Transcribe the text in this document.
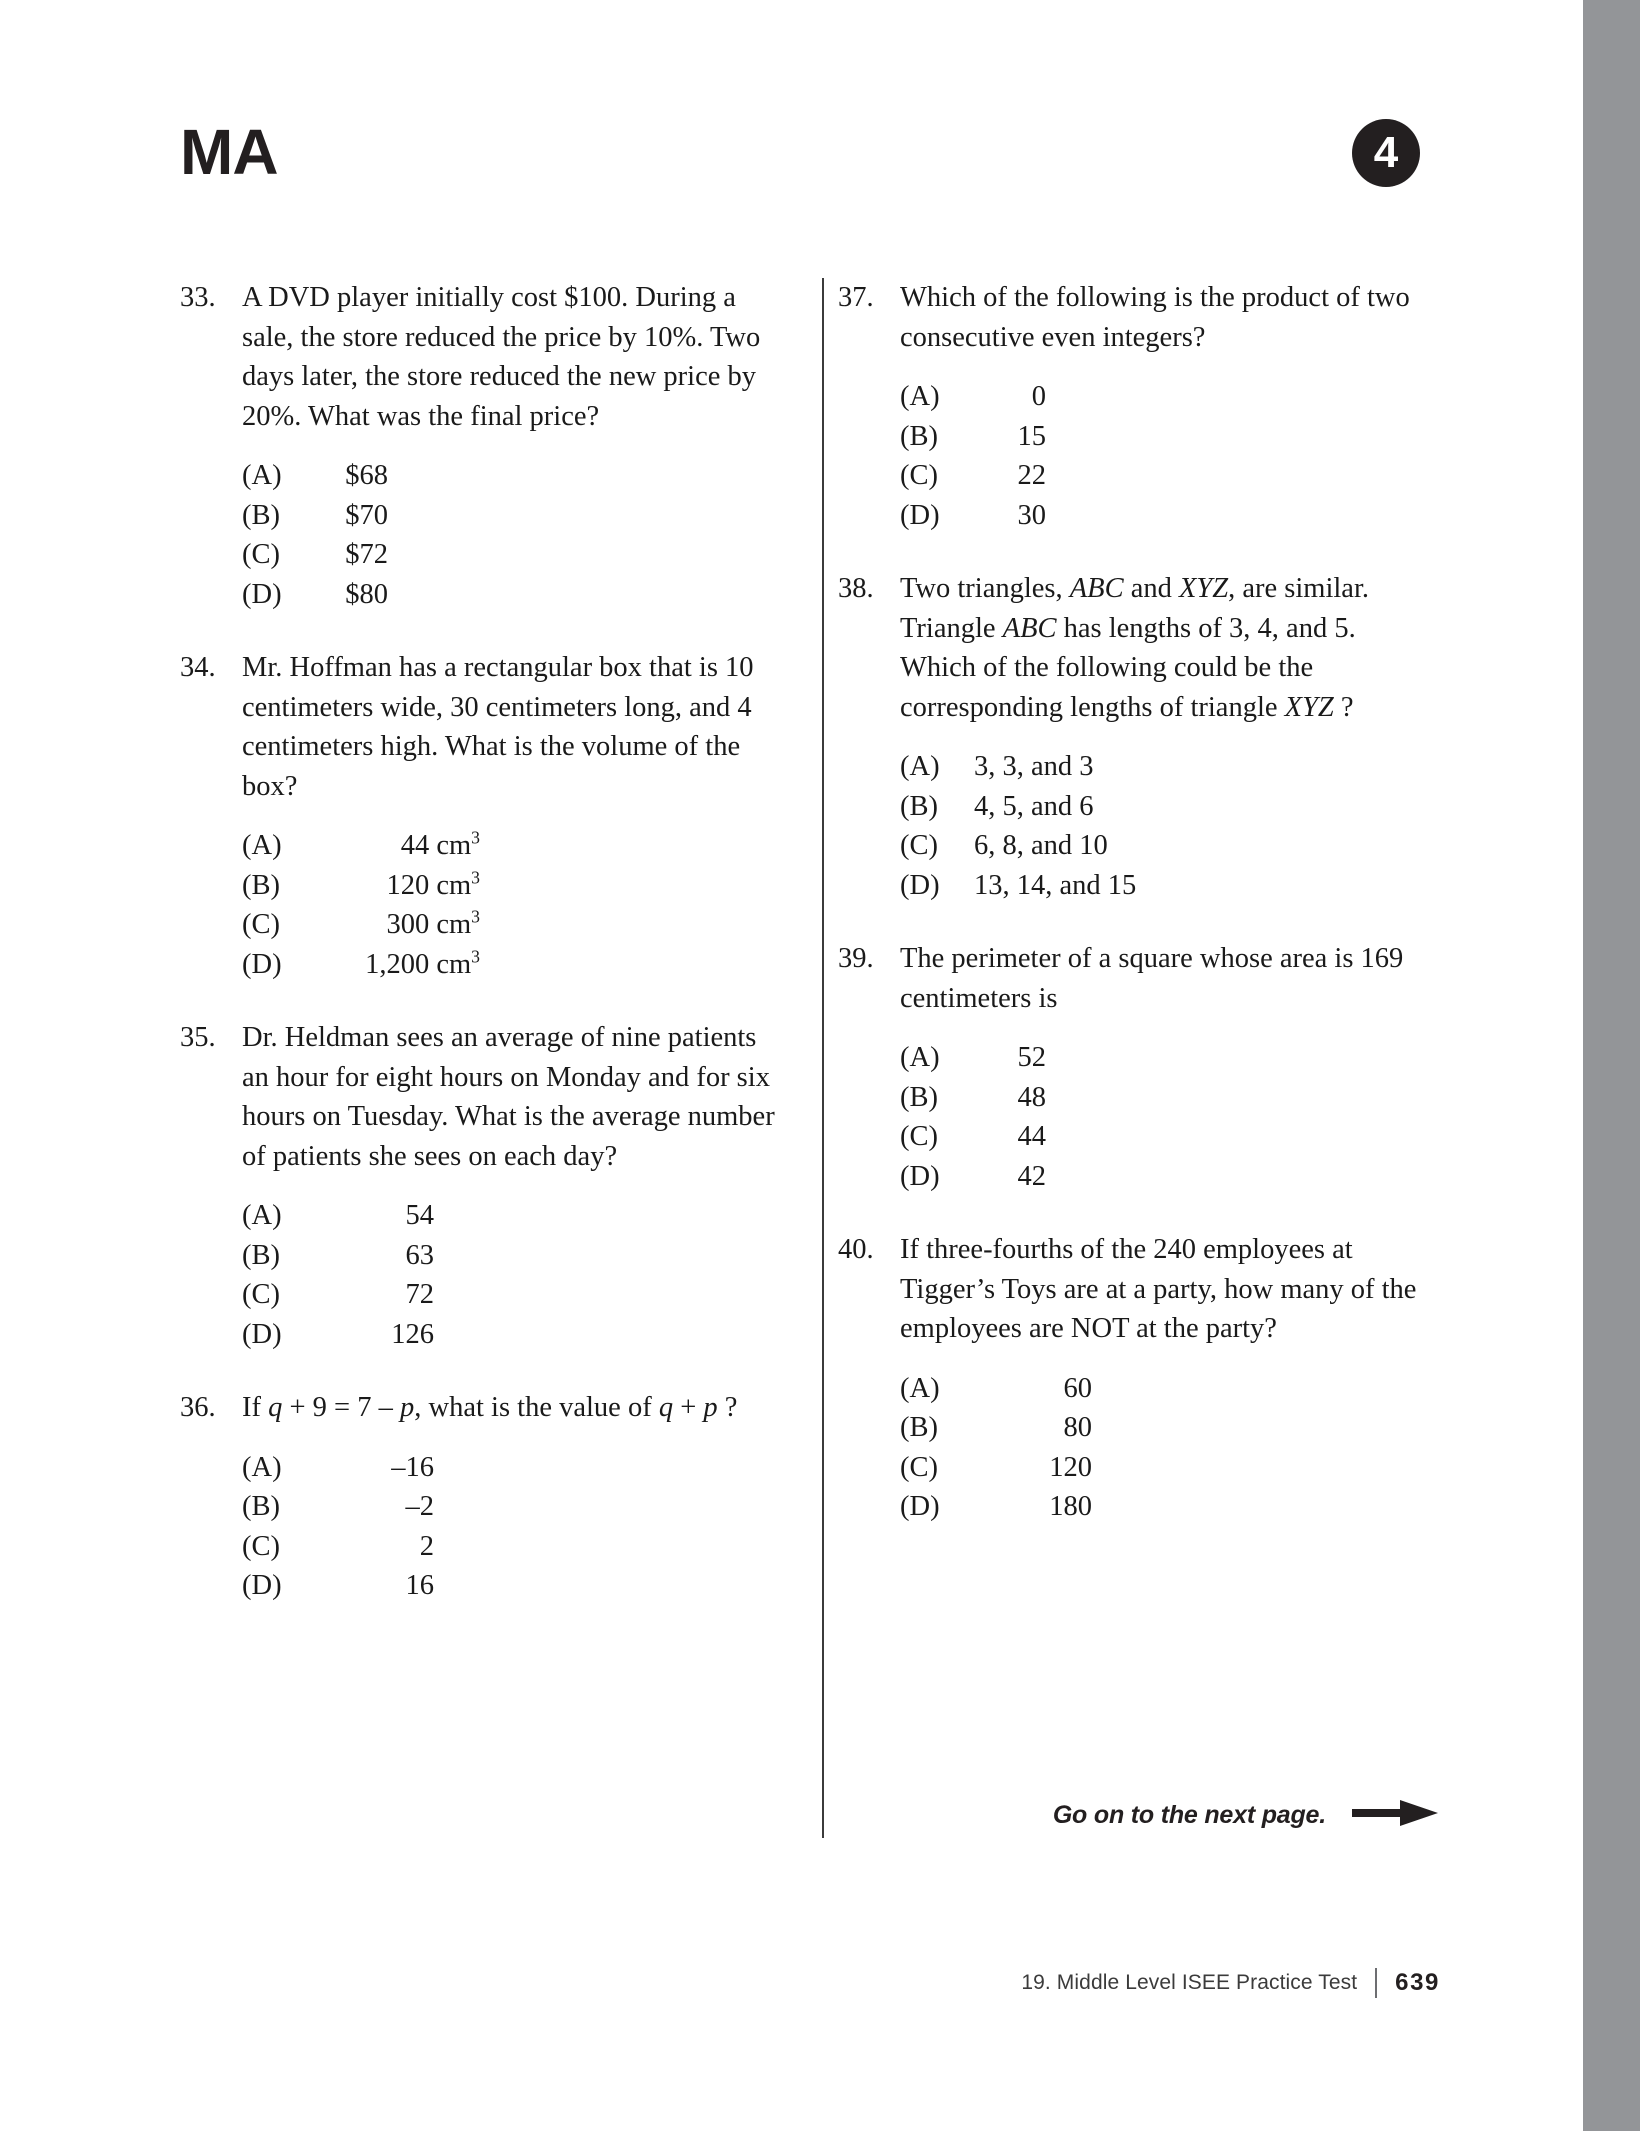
MA	4
33. A DVD player initially cost $100. During a sale, the store reduced the price by 10%. Two days later, the store reduced the new price by 20%. What was the final price?
(A)	$68
(B)	$70
(C)	$72
(D)	$80
34. Mr. Hoffman has a rectangular box that is 10 centimeters wide, 30 centimeters long, and 4 centimeters high. What is the volume of the box?
(A)	44 $cm^3$
(B)	120 $cm^3$
(C)	300 $cm^3$
(D)	1,200 $cm^3$
35. Dr. Heldman sees an average of nine patients an hour for eight hours on Monday and for six hours on Tuesday. What is the average number of patients she sees on each day?
(A)	54
(B)	63
(C)	72
(D)	126
36. If q + 9 = 7 – p, what is the value of q + p ?
(A)	–16
(B)	–2
(C)	2
(D)	16
37. Which of the following is the product of two consecutive even integers?
(A)	0
(B)	15
(C)	22
(D)	30
38. Two triangles, ABC and XYZ, are similar. Triangle ABC has lengths of 3, 4, and 5. Which of the following could be the corresponding lengths of triangle XYZ ?
(A)	3, 3, and 3
(B)	4, 5, and 6
(C)	6, 8, and 10
(D)	13, 14, and 15
39. The perimeter of a square whose area is 169 centimeters is
(A)	52
(B)	48
(C)	44
(D)	42
40. If three-fourths of the 240 employees at Tigger’s Toys are at a party, how many of the employees are NOT at the party?
(A)	60
(B)	80
(C)	120
(D)	180
Go on to the next page.
19. Middle Level ISEE Practice Test 639
